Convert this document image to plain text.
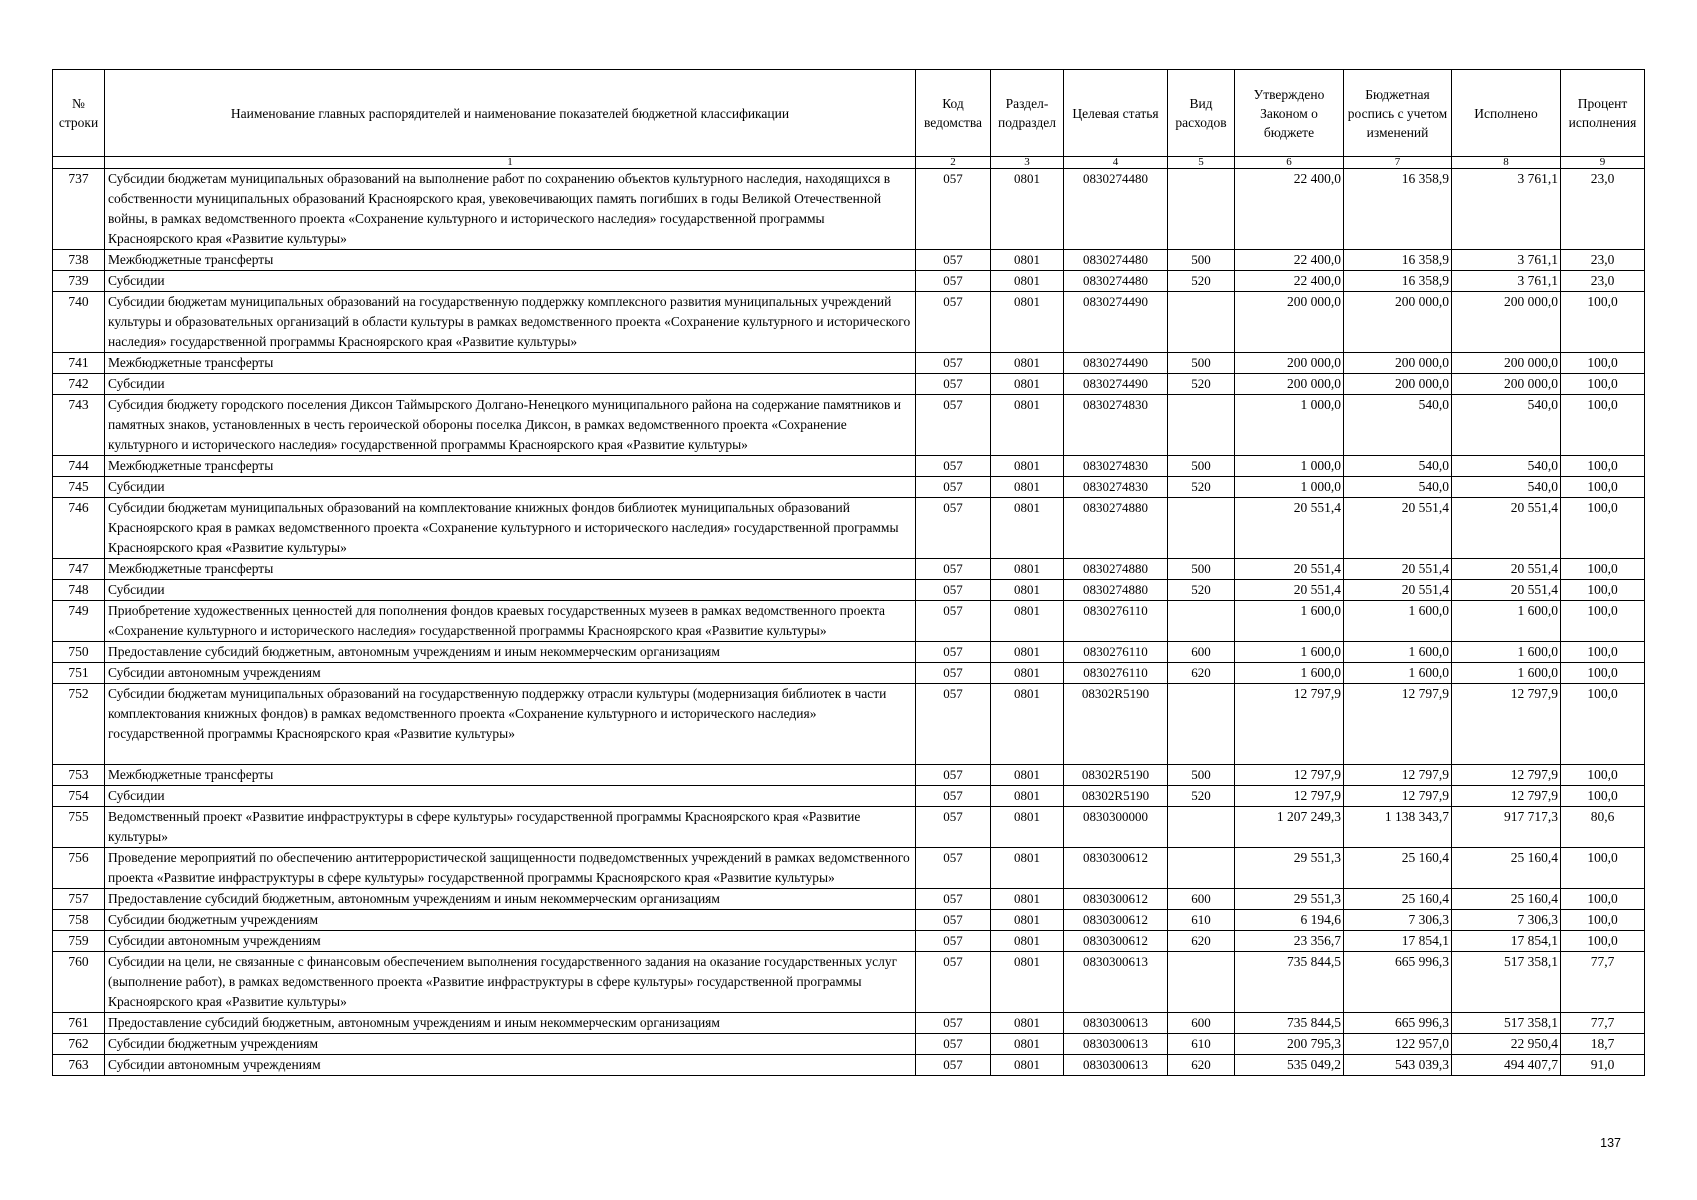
№ строки	Наименование главных распорядителей и наименование показателей бюджетной классификации	Код ведомства	Раздел-подраздел	Целевая статья	Вид расходов	Утверждено Законом о бюджете	Бюджетная роспись с учетом изменений	Исполнено	Процент исполнения
	1	2	3	4	5	6	7	8	9
737	Субсидии бюджетам муниципальных образований на выполнение работ по сохранению объектов культурного наследия, находящихся в собственности муниципальных образований Красноярского края, увековечивающих память погибших в годы Великой Отечественной войны, в рамках ведомственного проекта «Сохранение культурного и исторического наследия» государственной программы Красноярского края «Развитие культуры»	057	0801	0830274480		22 400,0	16 358,9	3 761,1	23,0
738	Межбюджетные трансферты	057	0801	0830274480	500	22 400,0	16 358,9	3 761,1	23,0
739	Субсидии	057	0801	0830274480	520	22 400,0	16 358,9	3 761,1	23,0
740	Субсидии бюджетам муниципальных образований на государственную поддержку комплексного развития муниципальных учреждений культуры и образовательных организаций в области культуры в рамках ведомственного проекта «Сохранение культурного и исторического наследия» государственной программы Красноярского края «Развитие культуры»	057	0801	0830274490		200 000,0	200 000,0	200 000,0	100,0
741	Межбюджетные трансферты	057	0801	0830274490	500	200 000,0	200 000,0	200 000,0	100,0
742	Субсидии	057	0801	0830274490	520	200 000,0	200 000,0	200 000,0	100,0
743	Субсидия бюджету городского поселения Диксон Таймырского Долгано-Ненецкого муниципального района на содержание памятников и памятных знаков, установленных в честь героической обороны поселка Диксон, в рамках ведомственного проекта «Сохранение культурного и исторического наследия» государственной программы Красноярского края «Развитие культуры»	057	0801	0830274830		1 000,0	540,0	540,0	100,0
744	Межбюджетные трансферты	057	0801	0830274830	500	1 000,0	540,0	540,0	100,0
745	Субсидии	057	0801	0830274830	520	1 000,0	540,0	540,0	100,0
746	Субсидии бюджетам муниципальных образований на комплектование книжных фондов библиотек муниципальных образований Красноярского края в рамках ведомственного проекта «Сохранение культурного и исторического наследия» государственной программы Красноярского края «Развитие культуры»	057	0801	0830274880		20 551,4	20 551,4	20 551,4	100,0
747	Межбюджетные трансферты	057	0801	0830274880	500	20 551,4	20 551,4	20 551,4	100,0
748	Субсидии	057	0801	0830274880	520	20 551,4	20 551,4	20 551,4	100,0
749	Приобретение художественных ценностей для пополнения фондов краевых государственных музеев в рамках ведомственного проекта «Сохранение культурного и исторического наследия» государственной программы Красноярского края «Развитие культуры»	057	0801	0830276110		1 600,0	1 600,0	1 600,0	100,0
750	Предоставление субсидий бюджетным, автономным учреждениям и иным некоммерческим организациям	057	0801	0830276110	600	1 600,0	1 600,0	1 600,0	100,0
751	Субсидии автономным учреждениям	057	0801	0830276110	620	1 600,0	1 600,0	1 600,0	100,0
752	Субсидии бюджетам муниципальных образований на государственную поддержку отрасли культуры (модернизация библиотек в части комплектования книжных фондов) в рамках ведомственного проекта «Сохранение культурного и исторического наследия» государственной программы Красноярского края «Развитие культуры»	057	0801	08302R5190		12 797,9	12 797,9	12 797,9	100,0
753	Межбюджетные трансферты	057	0801	08302R5190	500	12 797,9	12 797,9	12 797,9	100,0
754	Субсидии	057	0801	08302R5190	520	12 797,9	12 797,9	12 797,9	100,0
755	Ведомственный проект «Развитие инфраструктуры в сфере культуры» государственной программы Красноярского края «Развитие культуры»	057	0801	0830300000		1 207 249,3	1 138 343,7	917 717,3	80,6
756	Проведение мероприятий по обеспечению антитеррористической защищенности подведомственных учреждений в рамках ведомственного проекта «Развитие инфраструктуры в сфере культуры» государственной программы Красноярского края «Развитие культуры»	057	0801	0830300612		29 551,3	25 160,4	25 160,4	100,0
757	Предоставление субсидий бюджетным, автономным учреждениям и иным некоммерческим организациям	057	0801	0830300612	600	29 551,3	25 160,4	25 160,4	100,0
758	Субсидии бюджетным учреждениям	057	0801	0830300612	610	6 194,6	7 306,3	7 306,3	100,0
759	Субсидии автономным учреждениям	057	0801	0830300612	620	23 356,7	17 854,1	17 854,1	100,0
760	Субсидии на цели, не связанные с финансовым обеспечением выполнения государственного задания на оказание государственных услуг (выполнение работ), в рамках ведомственного проекта «Развитие инфраструктуры в сфере культуры» государственной программы Красноярского края «Развитие культуры»	057	0801	0830300613		735 844,5	665 996,3	517 358,1	77,7
761	Предоставление субсидий бюджетным, автономным учреждениям и иным некоммерческим организациям	057	0801	0830300613	600	735 844,5	665 996,3	517 358,1	77,7
762	Субсидии бюджетным учреждениям	057	0801	0830300613	610	200 795,3	122 957,0	22 950,4	18,7
763	Субсидии автономным учреждениям	057	0801	0830300613	620	535 049,2	543 039,3	494 407,7	91,0
137
